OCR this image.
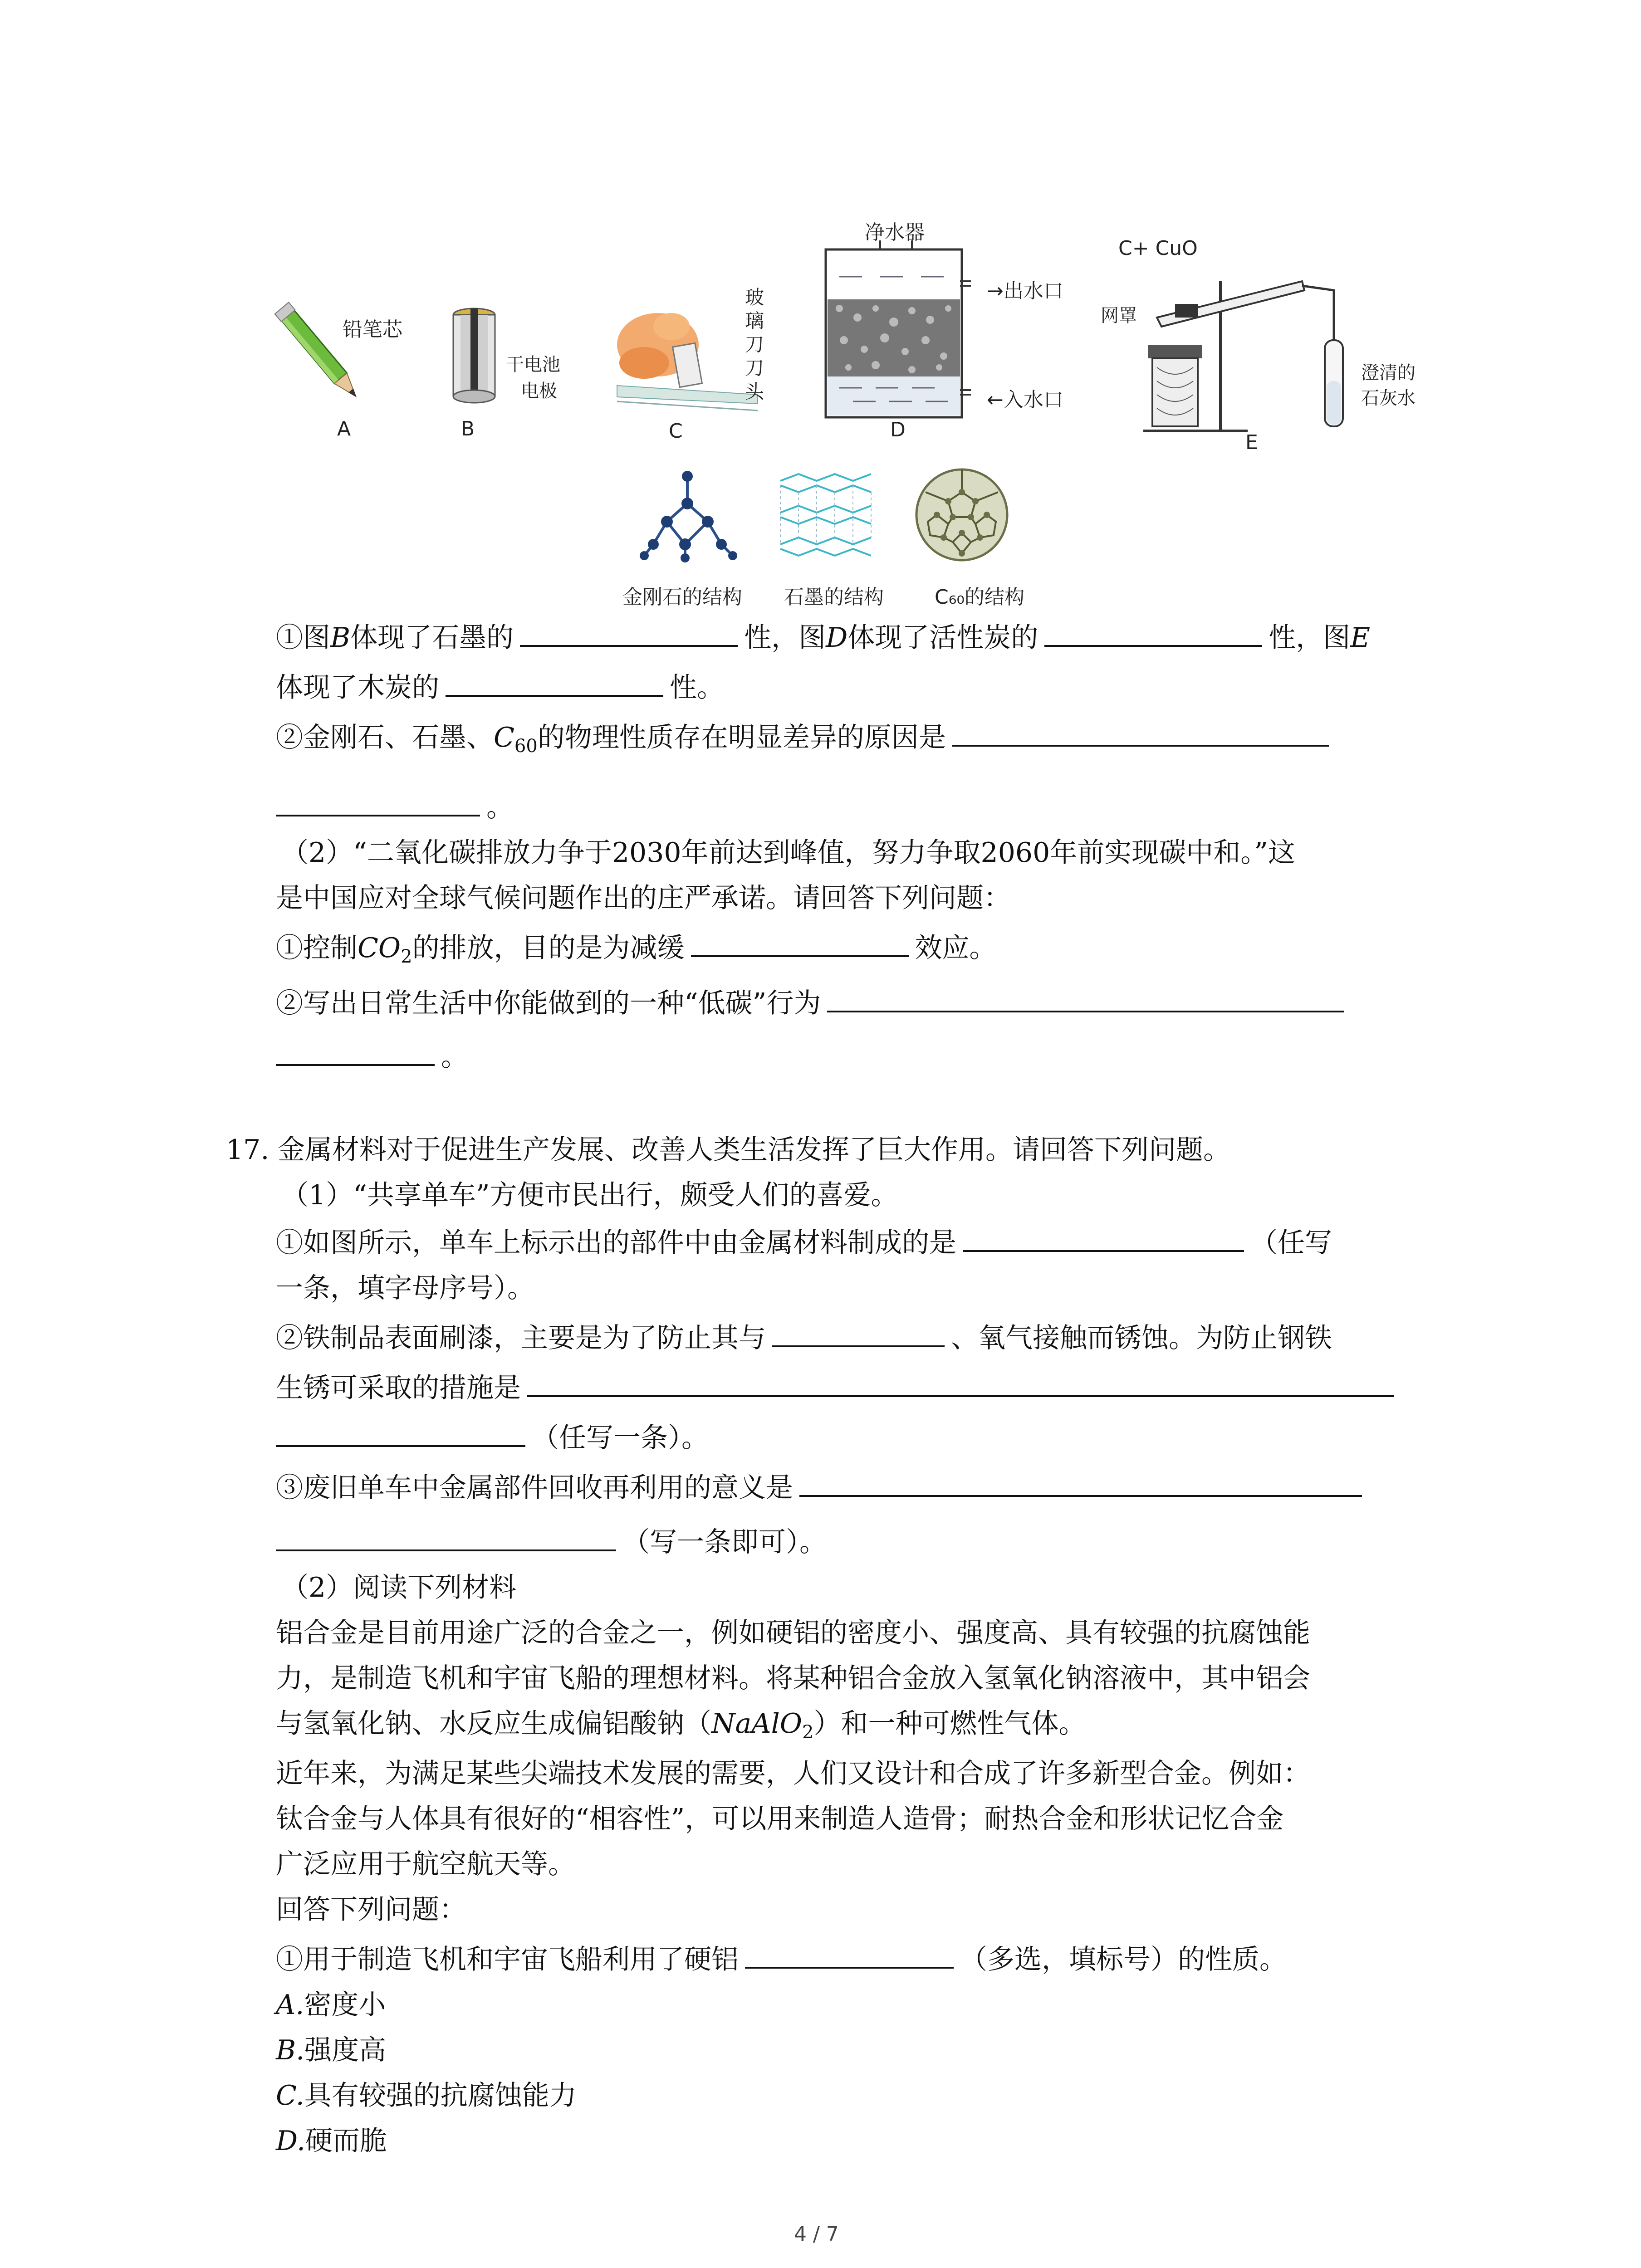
铅笔芯
A
干电池
电极
B
玻璃刀刀头
C
净水器
→出水口
←入水口
D
C+ CuO
网罩
澄清的
石灰水
E
金刚石的结构 石墨的结构	C₆₀的结构
①图B体现了石墨的	性，图D体现了活性炭的	性，图E
体现了木炭的	性。
②金刚石、石墨、$C_{60}$的物理性质存在明显差异的原因是
。
（2）“二氧化碳排放力争于2030年前达到峰值，努力争取2060年前实现碳中和。”这
是中国应对全球气候问题作出的庄严承诺。请回答下列问题：
①控制$CO_2$的排放，目的是为减缓	效应。
②写出日常生活中你能做到的一种“低碳”行为
。
17. 金属材料对于促进生产发展、改善人类生活发挥了巨大作用。请回答下列问题。
（1）“共享单车”方便市民出行，颇受人们的喜爱。
①如图所示，单车上标示出的部件中由金属材料制成的是	（任写
一条，填字母序号）。
②铁制品表面刷漆，主要是为了防止其与	、氧气接触而锈蚀。为防止钢铁
生锈可采取的措施是
（任写一条）。
③废旧单车中金属部件回收再利用的意义是
（写一条即可）。
（2）阅读下列材料
铝合金是目前用途广泛的合金之一，例如硬铝的密度小、强度高、具有较强的抗腐蚀能
力，是制造飞机和宇宙飞船的理想材料。将某种铝合金放入氢氧化钠溶液中，其中铝会
与氢氧化钠、水反应生成偏铝酸钠（NaAlO$_2$）和一种可燃性气体。
近年来，为满足某些尖端技术发展的需要，人们又设计和合成了许多新型合金。例如：
钛合金与人体具有很好的“相容性”，可以用来制造人造骨；耐热合金和形状记忆合金
广泛应用于航空航天等。
回答下列问题：
①用于制造飞机和宇宙飞船利用了硬铝	（多选，填标号）的性质。
A.密度小
B.强度高
C.具有较强的抗腐蚀能力
D.硬而脆
4 / 7
